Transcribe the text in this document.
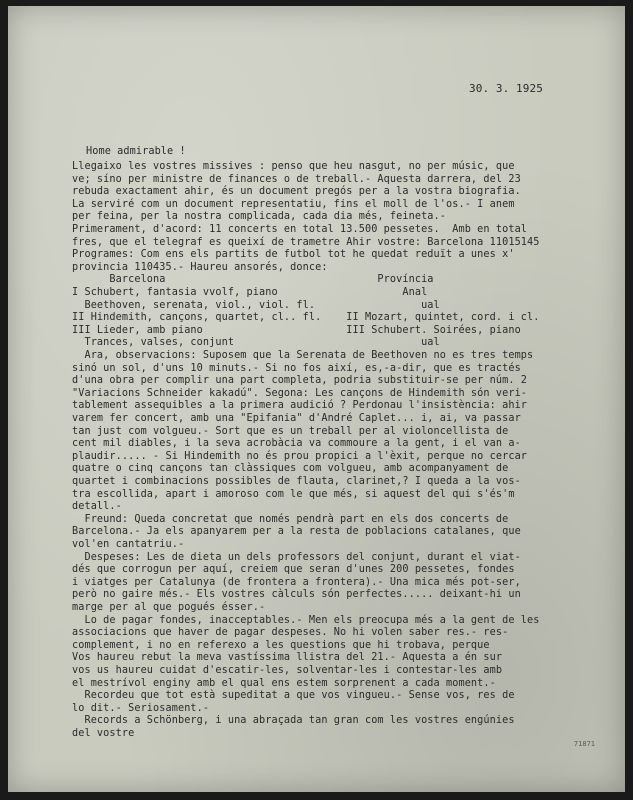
30. 3. 1925
Home admirable !
Llegaixo les vostres missives : penso que heu nasgut, no per músic, que
ve; síno per ministre de finances o de treball.- Aquesta darrera, del 23
rebuda exactament ahir, és un document pregós per a la vostra biografia.
La serviré com un document representatiu, fins el moll de l'os.- I anem
per feina, per la nostra complicada, cada dia més, feineta.-
Primerament, d'acord: 11 concerts en total 13.500 pessetes.  Amb en total
fres, que el telegraf es queixí de trametre Ahir vostre: Barcelona 11015145
Programes: Com ens els partits de futbol tot he quedat reduït a unes x'
provincia 110435.- Haureu ansorés, donce:
Barcelona                                  Província
I Schubert, fantasia vvolf, piano                    Anal
Beethoven, serenata, viol., viol. fl.                 ual
II Hindemith, cançons, quartet, cl.. fl.    II Mozart, quintet, cord. i cl.
III Lieder, amb piano                       III Schubert. Soirées, piano
Trances, valses, conjunt                              ual
Ara, observacions: Suposem que la Serenata de Beethoven no es tres temps
sinó un sol, d'uns 10 minuts.- Si no fos així, es,-a-dir, que es tractés
d'una obra per complir una part completa, podria substituir-se per núm. 2
"Variacions Schneider kakadú". Segona: Les cançons de Hindemith són veri-
tablement assequibles a la primera audició ? Perdonau l'insistència: ahir
varem fer concert, amb una "Epifania" d'André Caplet... i, ai, va passar
tan just com volgueu.- Sort que es un treball per al violoncellista de
cent mil diables, i la seva acrobàcia va commoure a la gent, i el van a-
plaudir..... - Si Hindemith no és prou propici a l'èxit, perque no cercar
quatre o cinq cançons tan clàssiques com volgueu, amb acompanyament de
quartet i combinacions possibles de flauta, clarinet,? I queda a la vos-
tra escollida, apart i amoroso com le que més, si aquest del qui s'és'm
detall.-
Freund: Queda concretat que només pendrà part en els dos concerts de
Barcelona.- Ja els apanyarem per a la resta de poblacions catalanes, que
vol'en cantatriu.-
Despeses: Les de dieta un dels professors del conjunt, durant el viat-
dés que corrogun per aquí, creiem que seran d'unes 200 pessetes, fondes
i viatges per Catalunya (de frontera a frontera).- Una mica més pot-ser,
però no gaire més.- Els vostres càlculs són perfectes..... deixant-hi un
marge per al que pogués ésser.-
Lo de pagar fondes, inacceptables.- Men els preocupa més a la gent de les
associacions que haver de pagar despeses. No hi volen saber res.- res-
complement, i no en referexo a les questions que hi trobava, perque
Vos haureu rebut la meva vastíssima llistra del 21.- Aquesta a én sur
vos us haureu cuidat d'escatir-les, solventar-les i contestar-les amb
el mestrívol enginy amb el qual ens estem sorprenent a cada moment.-
Recordeu que tot està supeditat a que vos vingueu.- Sense vos, res de
lo dit.- Seriosament.-
Records a Schönberg, i una abraçada tan gran com les vostres engúnies
del vostre
71871
